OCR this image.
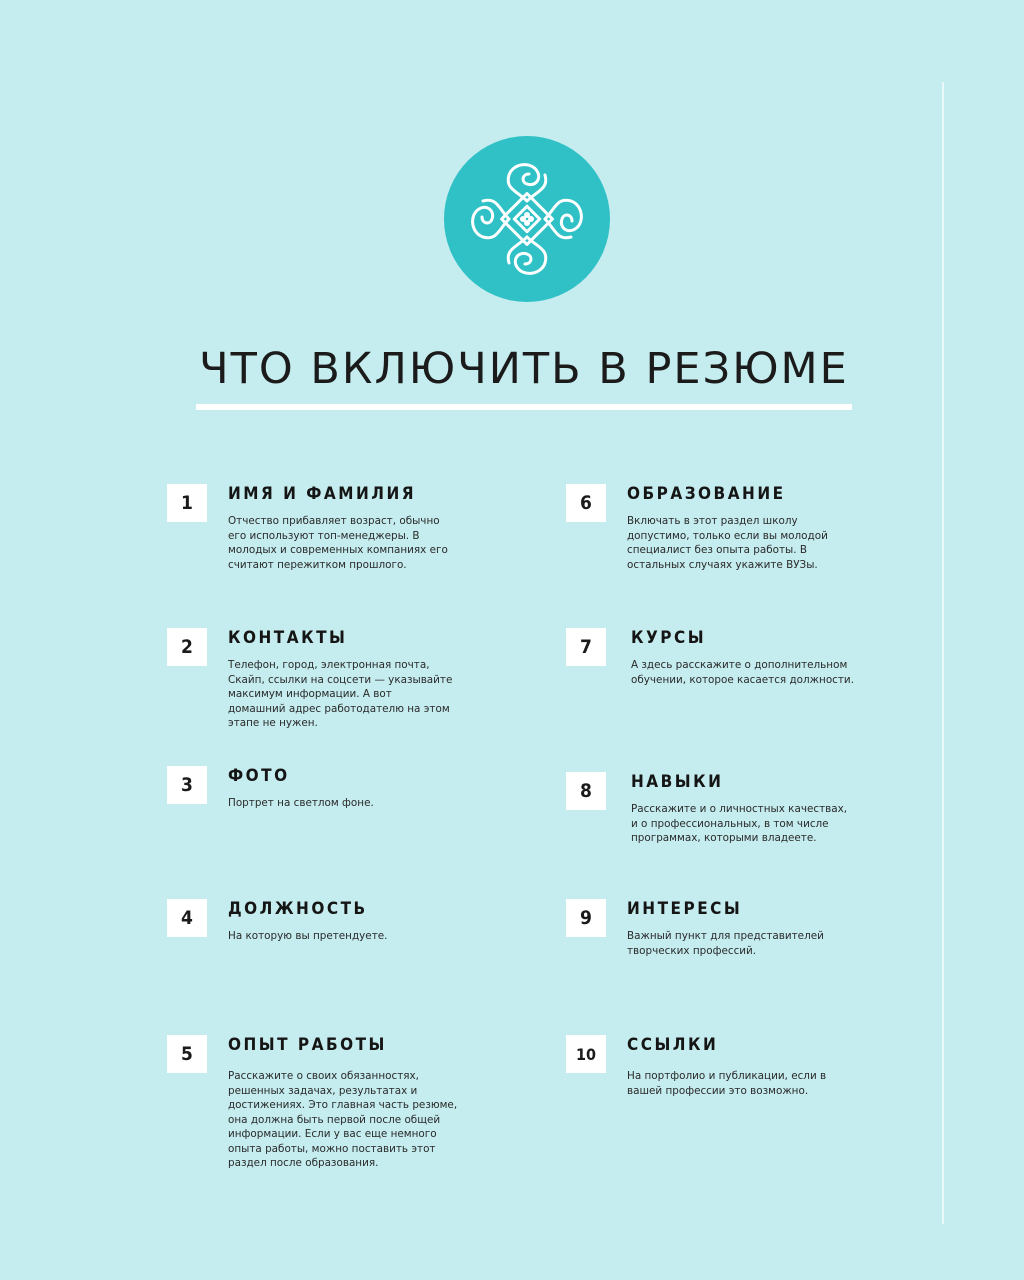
ЧТО ВКЛЮЧИТЬ В РЕЗЮМЕ
1	ИМЯ И ФАМИЛИЯ

Отчество прибавляет возраст, обычно
его используют топ-менеджеры. В
молодых и современных компаниях его
считают пережитком прошлого.

2	КОНТАКТЫ

Телефон, город, электронная почта,
Скайп, ссылки на соцсети — указывайте
максимум информации. А вот
домашний адрес работодателю на этом
этапе не нужен.

3	ФОТО

Портрет на светлом фоне.

4	ДОЛЖНОСТЬ

На которую вы претендуете.

5	ОПЫТ РАБОТЫ

Расскажите о своих обязанностях,
решенных задачах, результатах и
достижениях. Это главная часть резюме,
она должна быть первой после общей
информации. Если у вас еще немного
опыта работы, можно поставить этот
раздел после образования.

6	ОБРАЗОВАНИЕ

Включать в этот раздел школу
допустимо, только если вы молодой
специалист без опыта работы. В
остальных случаях укажите ВУЗы.

7	КУРСЫ

А здесь расскажите о дополнительном
обучении, которое касается должности.

8	НАВЫКИ

Расскажите и о личностных качествах,
и о профессиональных, в том числе
программах, которыми владеете.

9	ИНТЕРЕСЫ

Важный пункт для представителей
творческих профессий.

10	ССЫЛКИ

На портфолио и публикации, если в
вашей профессии это возможно.
